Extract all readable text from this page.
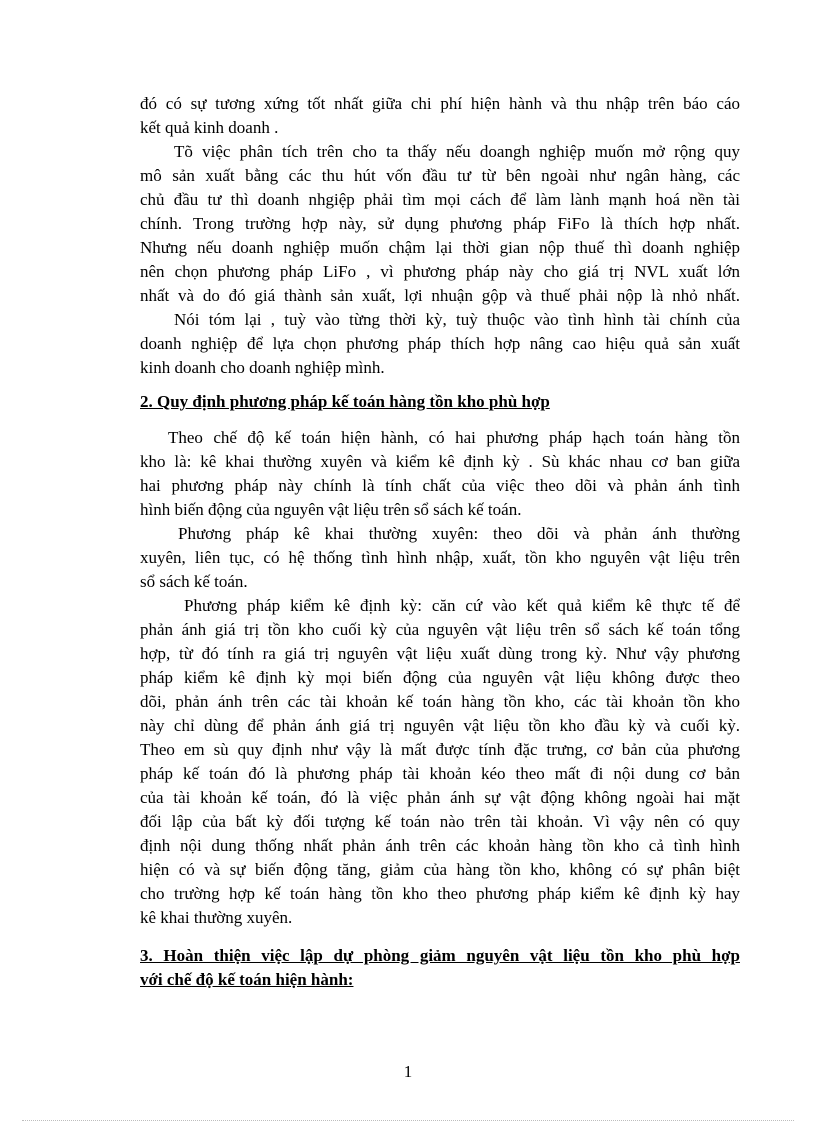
đó có sự tương xứng tốt nhất giữa chi phí hiện hành và thu nhập trên báo cáo
kết quả kinh doanh .
Tõ việc phân tích trên cho ta thấy nếu doangh nghiệp muốn mở rộng quy
mô sản xuất bằng các thu hút vốn đầu tư từ bên ngoài như ngân hàng, các
chủ đầu tư thì doanh nhgiệp phải tìm mọi cách để làm lành mạnh hoá nền tài
chính. Trong trường hợp này, sử dụng phương pháp FiFo là thích hợp nhất.
Nhưng nếu doanh nghiệp muốn chậm lại thời gian nộp thuế thì doanh nghiệp
nên chọn phương pháp LiFo , vì phương pháp này cho giá trị NVL xuất lớn
nhất và do đó giá thành sản xuất, lợi nhuận gộp và thuế phải nộp là nhỏ nhất.
Nói tóm lại , tuỳ vào từng thời kỳ, tuỳ thuộc vào tình hình tài chính của
doanh nghiệp để lựa chọn phương pháp thích hợp nâng cao hiệu quả sản xuất
kinh doanh cho doanh nghiệp mình.
2. Quy định phương pháp kế toán hàng tồn kho phù hợp
Theo chế độ kế toán hiện hành, có hai phương pháp hạch toán hàng tồn
kho là: kê khai thường xuyên và kiểm kê định kỳ . Sù khác nhau cơ ban giữa
hai phương pháp này chính là tính chất của việc theo dõi và phản ánh tình
hình biến động của nguyên vật liệu trên sổ sách kế toán.
Phương pháp kê khai thường xuyên: theo dõi và phản ánh thường
xuyên, liên tục, có hệ thống tình hình nhập, xuất, tồn kho nguyên vật liệu trên
sổ sách kế toán.
Phương pháp kiểm kê định kỳ: căn cứ vào kết quả kiểm kê thực tế để
phản ánh giá trị tồn kho cuối kỳ của nguyên vật liệu trên sổ sách kế toán tổng
hợp, từ đó tính ra giá trị nguyên vật liệu xuất dùng trong kỳ. Như vậy phương
pháp kiểm kê định kỳ mọi biến động của nguyên vật liệu không được theo
dõi, phản ánh trên các tài khoản kế toán hàng tồn kho, các tài khoản tồn kho
này chỉ dùng để phản ánh giá trị nguyên vật liệu tồn kho đầu kỳ và cuối kỳ.
Theo em sù quy định như vậy là mất được tính đặc trưng, cơ bản của phương
pháp kế toán đó là phương pháp tài khoản kéo theo mất đi nội dung cơ bản
của tài khoản kế toán, đó là việc phản ánh sự vật động không ngoài hai mặt
đối lập của bất kỳ đối tượng kế toán nào trên tài khoản. Vì vậy nên có quy
định nội dung thống nhất phản ánh trên các khoản hàng tồn kho cả tình hình
hiện có và sự biến động tăng, giảm của hàng tồn kho, không có sự phân biệt
cho trường hợp kế toán hàng tồn kho theo phương pháp kiểm kê định kỳ hay
kê khai thường xuyên.
3. Hoàn thiện việc lập dự phòng giảm nguyên vật liệu tồn kho phù hợp
với chế độ kế toán hiện hành:
1
